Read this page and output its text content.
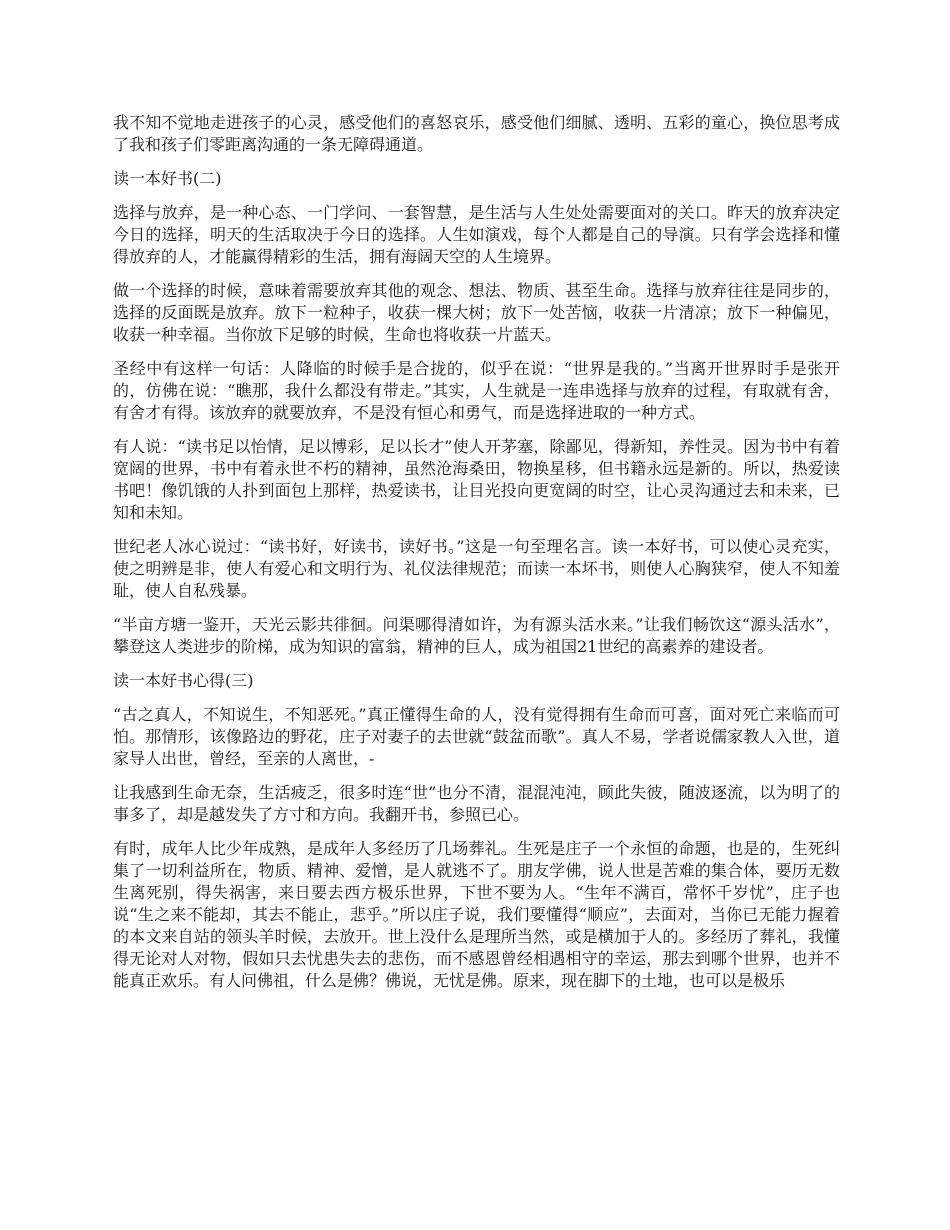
我不知不觉地走进孩子的心灵，感受他们的喜怒哀乐，感受他们细腻、透明、五彩的童心，换位思考成了我和孩子们零距离沟通的一条无障碍通道。

读一本好书(二)

选择与放弃，是一种心态、一门学问、一套智慧，是生活与人生处处需要面对的关口。昨天的放弃决定今日的选择，明天的生活取决于今日的选择。人生如演戏，每个人都是自己的导演。只有学会选择和懂得放弃的人，才能赢得精彩的生活，拥有海阔天空的人生境界。

做一个选择的时候，意味着需要放弃其他的观念、想法、物质、甚至生命。选择与放弃往往是同步的，选择的反面既是放弃。放下一粒种子，收获一棵大树；放下一处苦恼，收获一片清凉；放下一种偏见，收获一种幸福。当你放下足够的时候，生命也将收获一片蓝天。

圣经中有这样一句话：人降临的时候手是合拢的，似乎在说：“世界是我的。”当离开世界时手是张开的，仿佛在说：“瞧那，我什么都没有带走。”其实，人生就是一连串选择与放弃的过程，有取就有舍，有舍才有得。该放弃的就要放弃，不是没有恒心和勇气，而是选择进取的一种方式。

有人说：“读书足以怡情，足以博彩，足以长才”使人开茅塞，除鄙见，得新知，养性灵。因为书中有着宽阔的世界，书中有着永世不朽的精神，虽然沧海桑田，物换星移，但书籍永远是新的。所以，热爱读书吧！像饥饿的人扑到面包上那样，热爱读书，让目光投向更宽阔的时空，让心灵沟通过去和未来，已知和未知。

世纪老人冰心说过：“读书好，好读书，读好书。”这是一句至理名言。读一本好书，可以使心灵充实，使之明辨是非，使人有爱心和文明行为、礼仪法律规范；而读一本坏书，则使人心胸狭窄，使人不知羞耻，使人自私残暴。

“半亩方塘一鉴开，天光云影共徘徊。问渠哪得清如许，为有源头活水来。”让我们畅饮这“源头活水”，攀登这人类进步的阶梯，成为知识的富翁，精神的巨人，成为祖国21世纪的高素养的建设者。

读一本好书心得(三)

“古之真人，不知说生，不知恶死。”真正懂得生命的人，没有觉得拥有生命而可喜，面对死亡来临而可怕。那情形，该像路边的野花，庄子对妻子的去世就“鼓盆而歌”。真人不易，学者说儒家教人入世，道家导人出世，曾经，至亲的人离世，-

让我感到生命无奈，生活疲乏，很多时连“世”也分不清，混混沌沌，顾此失彼，随波逐流，以为明了的事多了，却是越发失了方寸和方向。我翻开书，参照已心。

有时，成年人比少年成熟，是成年人多经历了几场葬礼。生死是庄子一个永恒的命题，也是的，生死纠集了一切利益所在，物质、精神、爱憎，是人就逃不了。朋友学佛，说人世是苦难的集合体，要历无数生离死别，得失祸害，来日要去西方极乐世界，下世不要为人。“生年不满百，常怀千岁忧”，庄子也说“生之来不能却，其去不能止，悲乎。”所以庄子说，我们要懂得“顺应”，去面对，当你已无能力握着的本文来自站的领头羊时候，去放开。世上没什么是理所当然，或是横加于人的。多经历了葬礼，我懂得无论对人对物，假如只去忧患失去的悲伤，而不感恩曾经相遇相守的幸运，那去到哪个世界，也并不能真正欢乐。有人问佛祖，什么是佛？佛说，无忧是佛。原来，现在脚下的土地，也可以是极乐
